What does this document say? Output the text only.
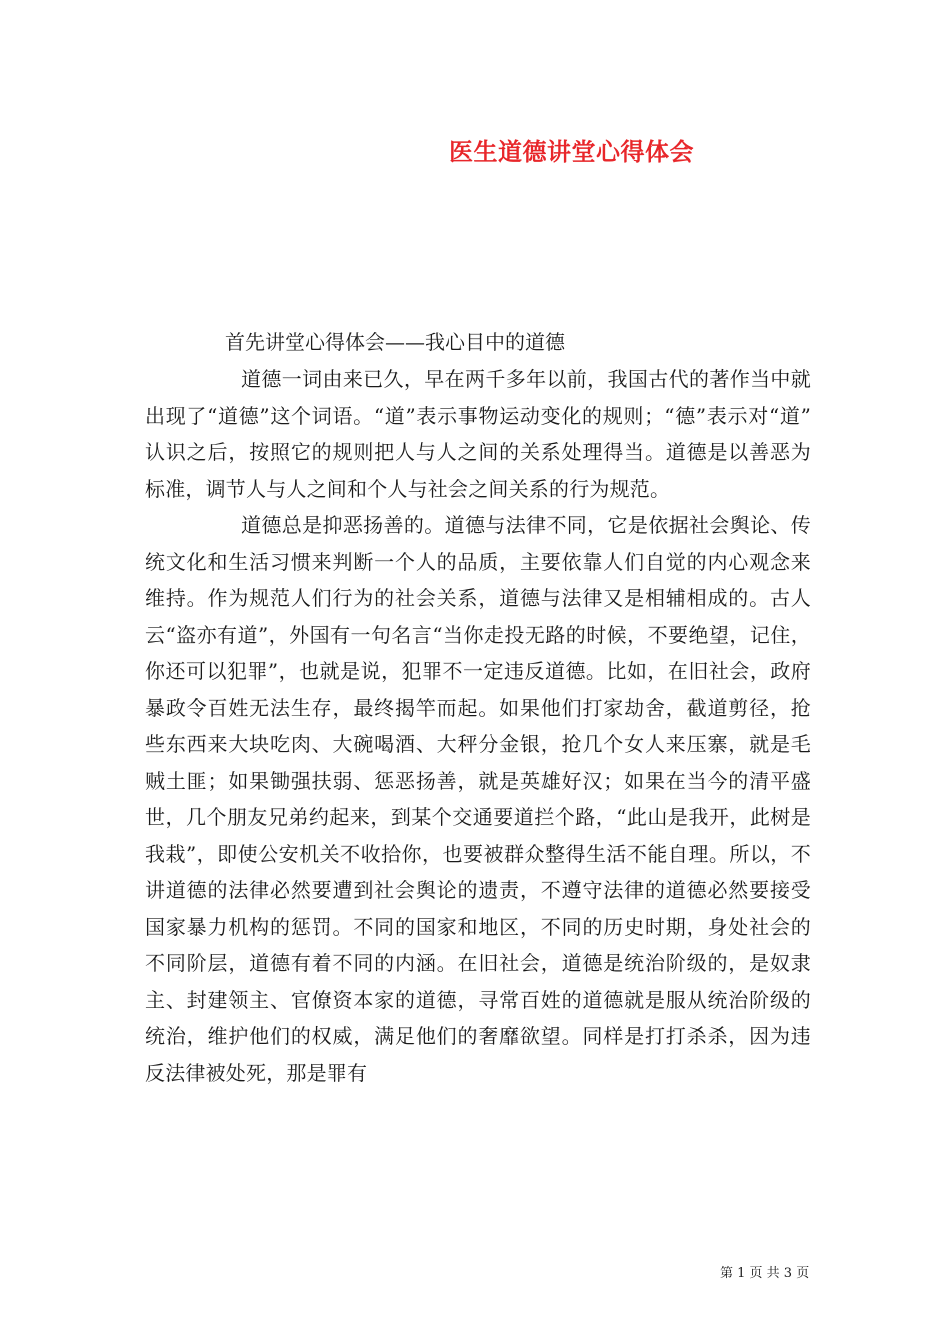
医生道德讲堂心得体会

首先讲堂心得体会——我心目中的道德

道德一词由来已久，早在两千多年以前，我国古代的著作当中就出现了“道德”这个词语。“道”表示事物运动变化的规则；“德”表示对“道”认识之后，按照它的规则把人与人之间的关系处理得当。道德是以善恶为标准，调节人与人之间和个人与社会之间关系的行为规范。

道德总是抑恶扬善的。道德与法律不同，它是依据社会舆论、传统文化和生活习惯来判断一个人的品质，主要依靠人们自觉的内心观念来维持。作为规范人们行为的社会关系，道德与法律又是相辅相成的。古人云“盗亦有道”，外国有一句名言“当你走投无路的时候，不要绝望，记住，你还可以犯罪”，也就是说，犯罪不一定违反道德。比如，在旧社会，政府暴政令百姓无法生存，最终揭竿而起。如果他们打家劫舍，截道剪径，抢些东西来大块吃肉、大碗喝酒、大秤分金银，抢几个女人来压寨，就是毛贼土匪；如果锄强扶弱、惩恶扬善，就是英雄好汉；如果在当今的清平盛世，几个朋友兄弟约起来，到某个交通要道拦个路，“此山是我开，此树是我栽”，即使公安机关不收拾你，也要被群众整得生活不能自理。所以，不讲道德的法律必然要遭到社会舆论的遗责，不遵守法律的道德必然要接受国家暴力机构的惩罚。不同的国家和地区，不同的历史时期，身处社会的不同阶层，道德有着不同的内涵。在旧社会，道德是统治阶级的，是奴隶主、封建领主、官僚资本家的道德，寻常百姓的道德就是服从统治阶级的统治，维护他们的权威，满足他们的奢靡欲望。同样是打打杀杀，因为违反法律被处死，那是罪有

第 1 页 共 3 页
